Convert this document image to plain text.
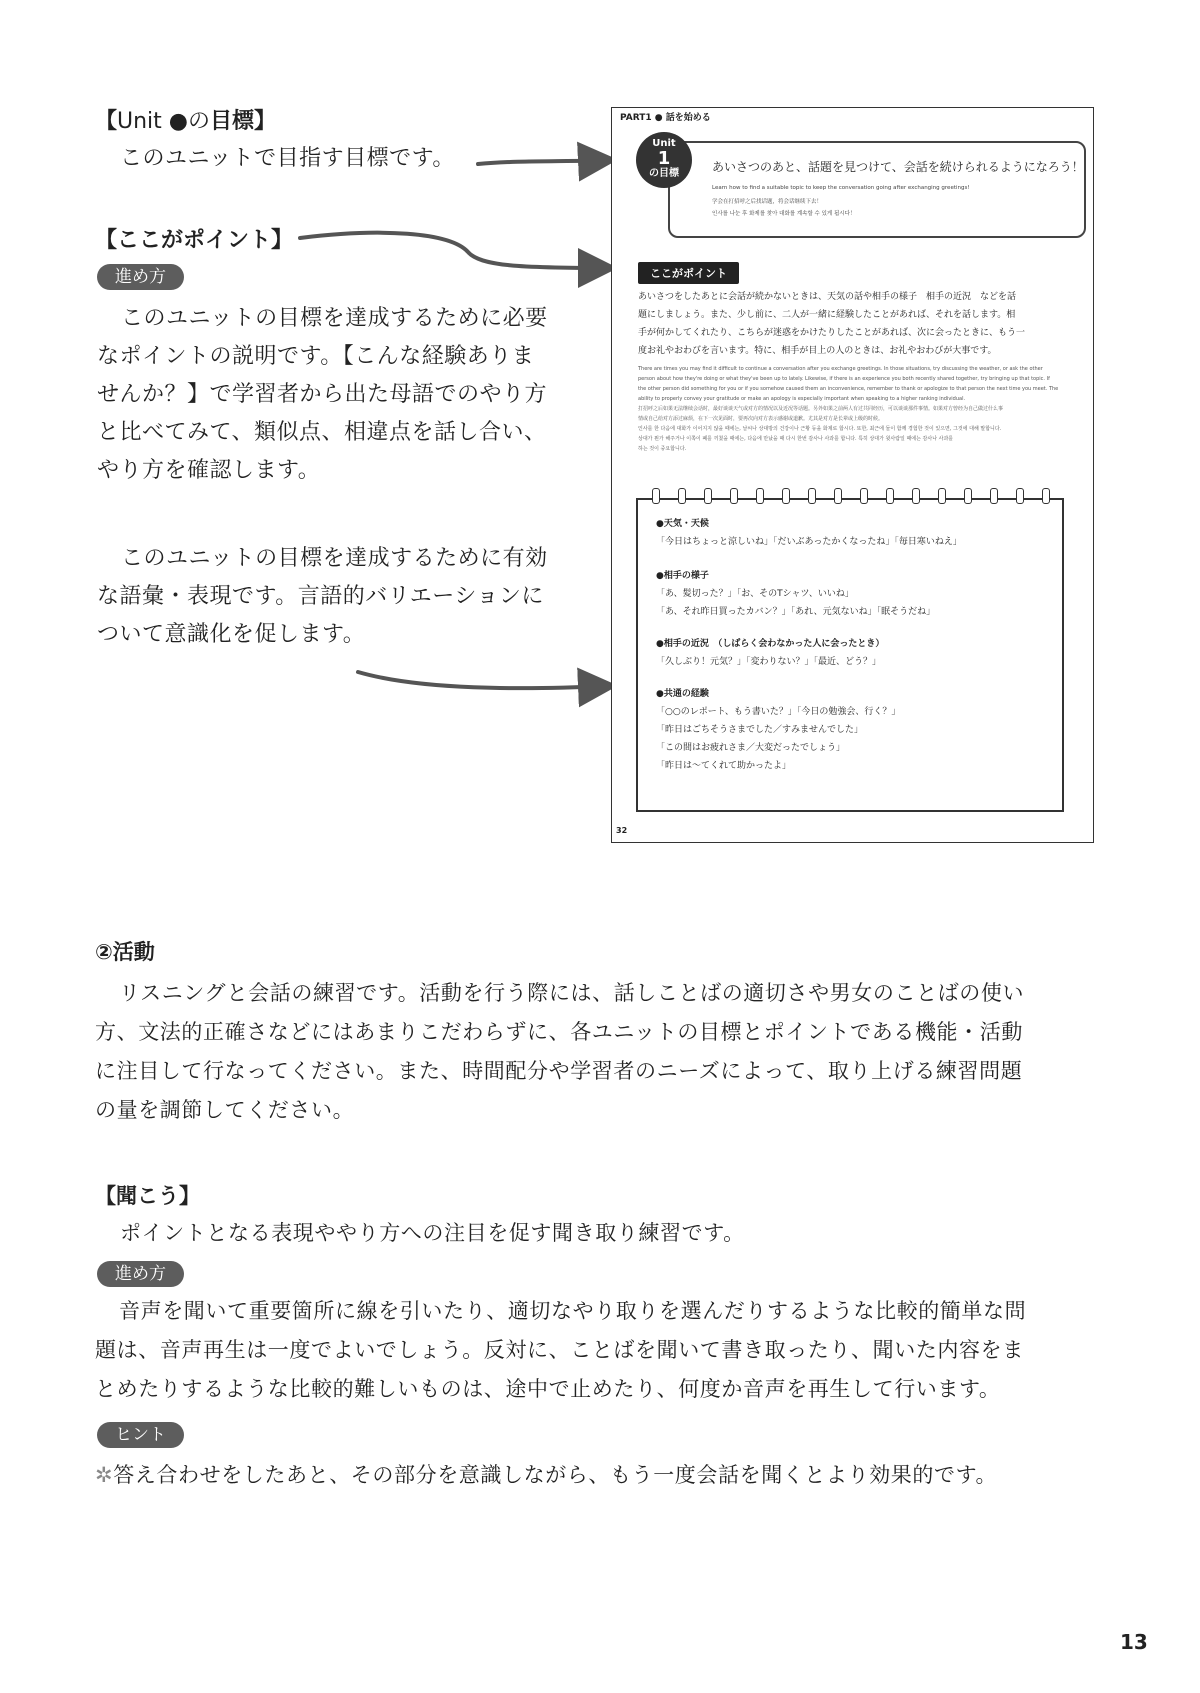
【Unit ●の目標】
このユニットで目指す目標です。
【ここがポイント】
進め方
このユニットの目標を達成するために必要
なポイントの説明です。【こんな経験ありま
せんか？】で学習者から出た母語でのやり方
と比べてみて、類似点、相違点を話し合い、
やり方を確認します。
このユニットの目標を達成するために有効
な語彙・表現です。言語的バリエーションに
ついて意識化を促します。
PART1 ● 話を始める
Unit
1
の目標	あいさつのあと、話題を見つけて、会話を続けられるようになろう！
Learn how to find a suitable topic to keep the conversation going after exchanging greetings!
学会在打招呼之后找话题，将会话继续下去！
인사를 나눈 후 화제를 찾아 대화를 계속할 수 있게 됩시다！
ここがポイント
あいさつをしたあとに会話が続かないときは、天気の話や相手の様子　相手の近況　などを話
題にしましょう。また、少し前に、二人が一緒に経験したことがあれば、それを話します。相
手が何かしてくれたり、こちらが迷惑をかけたりしたことがあれば、次に会ったときに、もう一
度お礼やおわびを言います。特に、相手が目上の人のときは、お礼やおわびが大事です。
There are times you may find it difficult to continue a conversation after you exchange greetings. In those situations, try discussing the weather, or ask the other
person about how they're doing or what they've been up to lately. Likewise, if there is an experience you both recently shared together, try bringing up that topic. If
the other person did something for you or if you somehow caused them an inconvenience, remember to thank or apologize to that person the next time you meet. The
ability to properly convey your gratitude or make an apology is especially important when speaking to a higher ranking individual.
打招呼之后如果无法继续会话时，最好谈谈天气或对方的情况以及近况等话题。另外如果之前两人有过共同经历，可以谈谈那件事情。如果对方曾经为自己做过什么事
情或自己给对方添过麻烦，在下一次见面时，要再次向对方表示感谢或道歉。尤其是对方是长辈或上级的时候。
인사를 한 다음에 대화가 이어지지 않을 때에는, 날씨나 상대방의 건강이나 근황 등을 화제로 합시다. 또한, 최근에 둘이 함께 경험한 것이 있으면, 그것에 대해 말합니다.
상대가 뭔가 해주거나 이쪽이 폐를 끼쳤을 때에는, 다음에 만났을 때 다시 한번 감사나 사과를 합니다. 특히 상대가 윗사람일 때에는 감사나 사과를
하는 것이 중요합니다.
●天気・天候
「今日はちょっと涼しいね」「だいぶあったかくなったね」「毎日寒いねえ」
●相手の様子
「あ、髪切った？」「お、そのTシャツ、いいね」
「あ、それ昨日買ったカバン？」「あれ、元気ないね」「眠そうだね」
●相手の近況　（しばらく会わなかった人に会ったとき）
「久しぶり！元気？」「変わりない？」「最近、どう？」
●共通の経験
「○○のレポート、もう書いた？」「今日の勉強会、行く？」
「昨日はごちそうさまでした／すみませんでした」
「この間はお疲れさま／大変だったでしょう」
「昨日は～てくれて助かったよ」
32
②活動
リスニングと会話の練習です。活動を行う際には、話しことばの適切さや男女のことばの使い
方、文法的正確さなどにはあまりこだわらずに、各ユニットの目標とポイントである機能・活動
に注目して行なってください。また、時間配分や学習者のニーズによって、取り上げる練習問題
の量を調節してください。
【聞こう】
ポイントとなる表現ややり方への注目を促す聞き取り練習です。
進め方
音声を聞いて重要箇所に線を引いたり、適切なやり取りを選んだりするような比較的簡単な問
題は、音声再生は一度でよいでしょう。反対に、ことばを聞いて書き取ったり、聞いた内容をま
とめたりするような比較的難しいものは、途中で止めたり、何度か音声を再生して行います。
ヒント
✲答え合わせをしたあと、その部分を意識しながら、もう一度会話を聞くとより効果的です。
13
